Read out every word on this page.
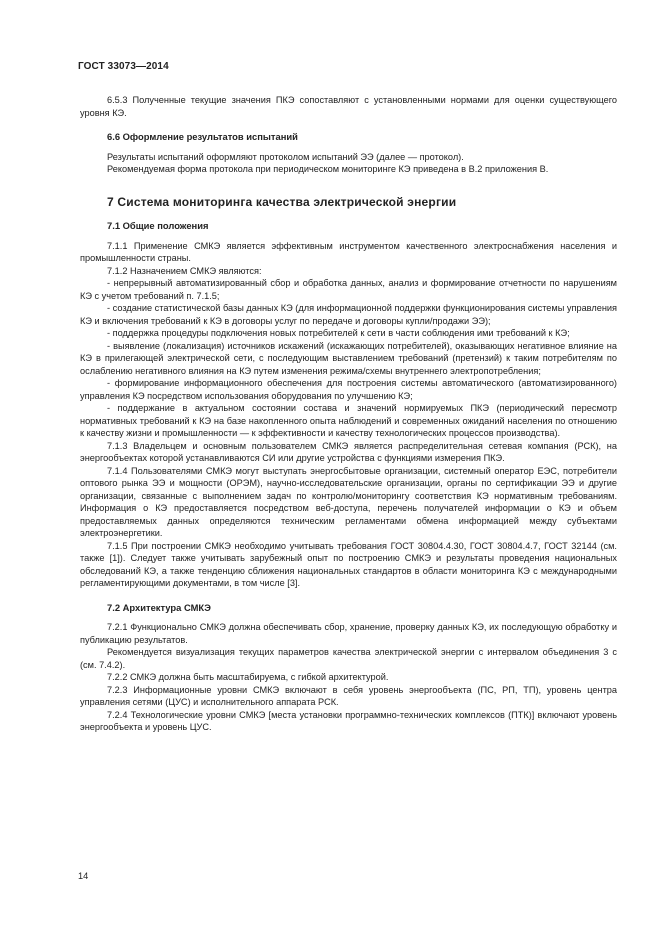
ГОСТ 33073—2014

6.5.3 Полученные текущие значения ПКЭ сопоставляют с установленными нормами для оценки существующего уровня КЭ.

6.6 Оформление результатов испытаний

Результаты испытаний оформляют протоколом испытаний ЭЭ (далее — протокол).

Рекомендуемая форма протокола при периодическом мониторинге КЭ приведена в В.2 приложения В.

7 Система мониторинга качества электрической энергии

7.1 Общие положения

7.1.1 Применение СМКЭ является эффективным инструментом качественного электроснабжения населения и промышленности страны.

7.1.2 Назначением СМКЭ являются:

- непрерывный автоматизированный сбор и обработка данных, анализ и формирование отчетности по нарушениям КЭ с учетом требований п. 7.1.5;

- создание статистической базы данных КЭ (для информационной поддержки функционирования системы управления КЭ и включения требований к КЭ в договоры услуг по передаче и договоры купли/продажи ЭЭ);

- поддержка процедуры подключения новых потребителей к сети в части соблюдения ими требований к КЭ;

- выявление (локализация) источников искажений (искажающих потребителей), оказывающих негативное влияние на КЭ в прилегающей электрической сети, с последующим выставлением требований (претензий) к таким потребителям по ослаблению негативного влияния на КЭ путем изменения режима/схемы внутреннего электропотребления;

- формирование информационного обеспечения для построения системы автоматического (автоматизированного) управления КЭ посредством использования оборудования по улучшению КЭ;

- поддержание в актуальном состоянии состава и значений нормируемых ПКЭ (периодический пересмотр нормативных требований к КЭ на базе накопленного опыта наблюдений и современных ожиданий населения по отношению к качеству жизни и промышленности — к эффективности и качеству технологических процессов производства).

7.1.3 Владельцем и основным пользователем СМКЭ является распределительная сетевая компания (РСК), на энергообъектах которой устанавливаются СИ или другие устройства с функциями измерения ПКЭ.

7.1.4 Пользователями СМКЭ могут выступать энергосбытовые организации, системный оператор ЕЭС, потребители оптового рынка ЭЭ и мощности (ОРЭМ), научно-исследовательские организации, органы по сертификации ЭЭ и другие организации, связанные с выполнением задач по контролю/мониторингу соответствия КЭ нормативным требованиям. Информация о КЭ предоставляется посредством веб-доступа, перечень получателей информации о КЭ и объем предоставляемых данных определяются техническим регламентами обмена информацией между субъектами электроэнергетики.

7.1.5 При построении СМКЭ необходимо учитывать требования ГОСТ 30804.4.30, ГОСТ 30804.4.7, ГОСТ 32144 (см. также [1]). Следует также учитывать зарубежный опыт по построению СМКЭ и результаты проведения национальных обследований КЭ, а также тенденцию сближения национальных стандартов в области мониторинга КЭ с международными регламентирующими документами, в том числе [3].

7.2 Архитектура СМКЭ

7.2.1 Функционально СМКЭ должна обеспечивать сбор, хранение, проверку данных КЭ, их последующую обработку и публикацию результатов.

Рекомендуется визуализация текущих параметров качества электрической энергии с интервалом объединения 3 с (см. 7.4.2).

7.2.2 СМКЭ должна быть масштабируема, с гибкой архитектурой.

7.2.3 Информационные уровни СМКЭ включают в себя уровень энергообъекта (ПС, РП, ТП), уровень центра управления сетями (ЦУС) и исполнительного аппарата РСК.

7.2.4 Технологические уровни СМКЭ [места установки программно-технических комплексов (ПТК)] включают уровень энергообъекта и уровень ЦУС.

14
